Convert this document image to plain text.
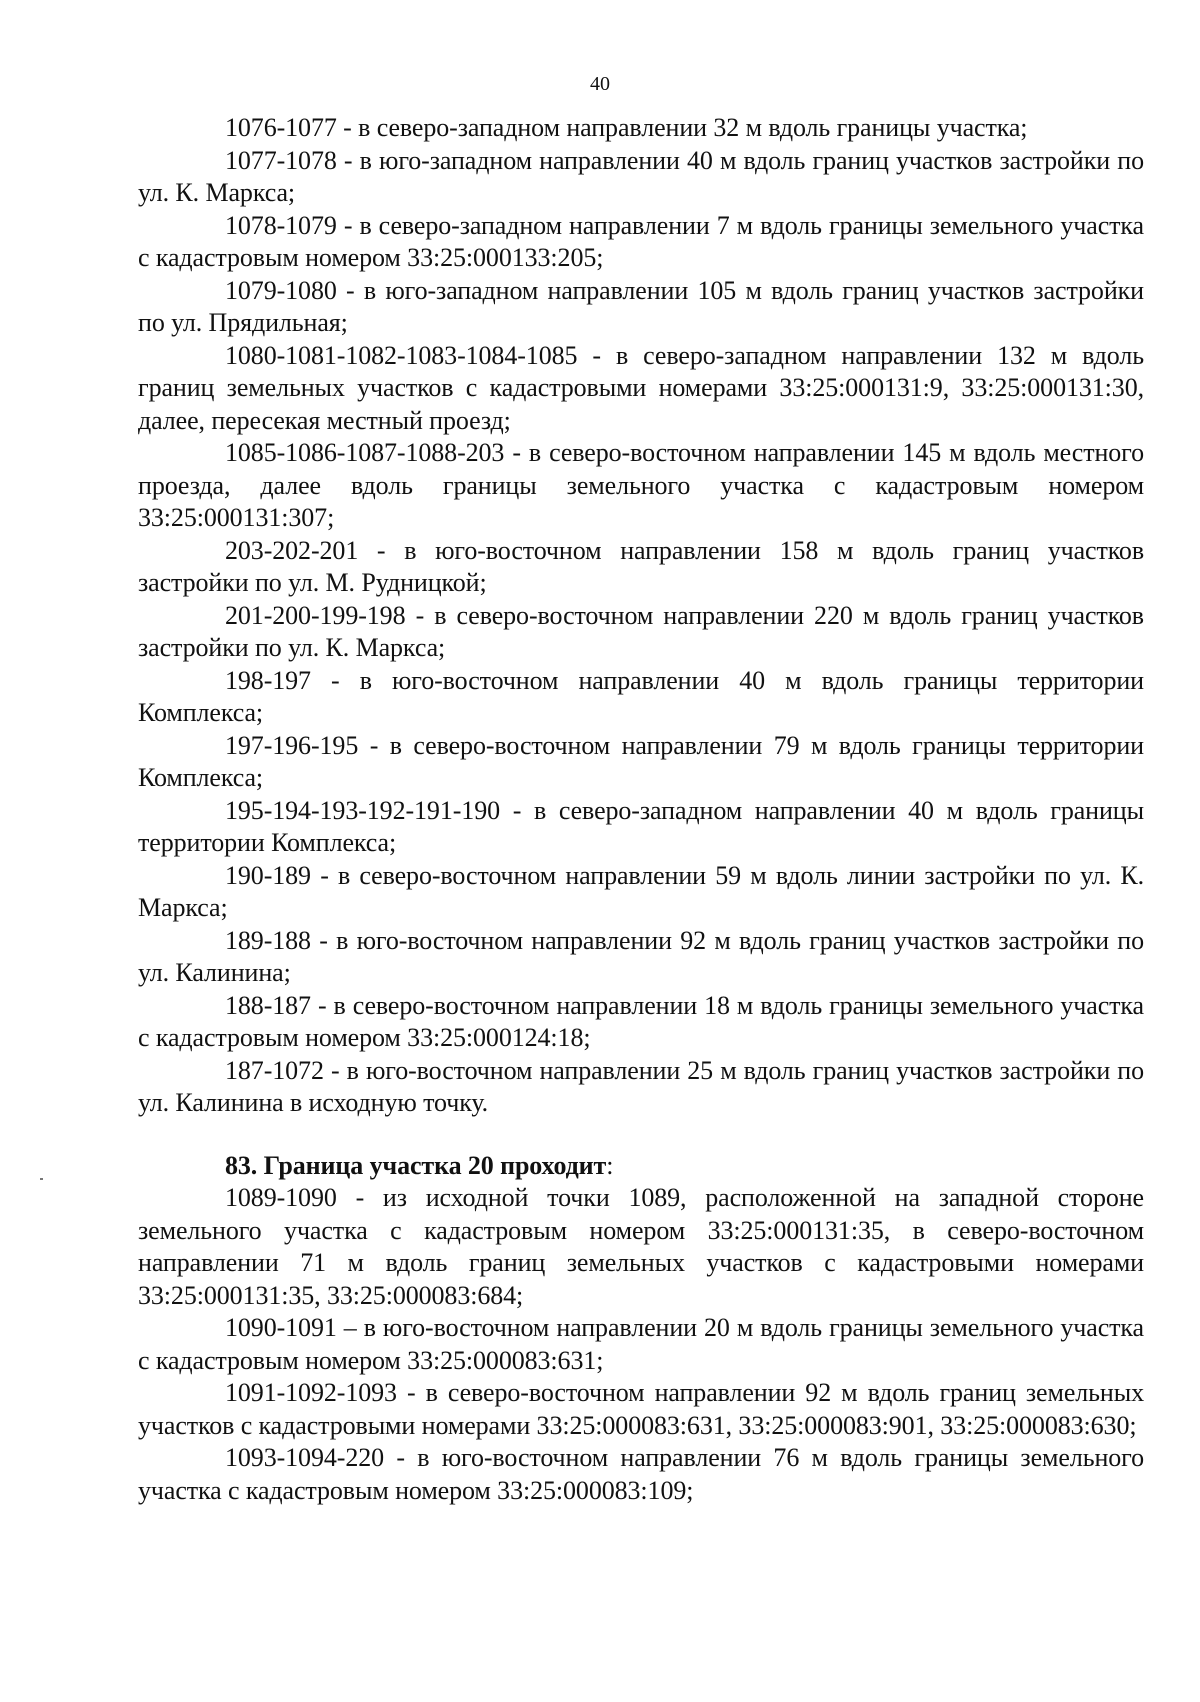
40

1076-1077 - в северо-западном направлении 32 м вдоль границы участка;

1077-1078 - в юго-западном направлении 40 м вдоль границ участков застройки по ул. К. Маркса;

1078-1079 - в северо-западном направлении 7 м вдоль границы земельного участка с кадастровым номером 33:25:000133:205;

1079-1080 - в юго-западном направлении 105 м вдоль границ участков застройки по ул. Прядильная;

1080-1081-1082-1083-1084-1085 - в северо-западном направлении 132 м вдоль границ земельных участков с кадастровыми номерами 33:25:000131:9, 33:25:000131:30, далее, пересекая местный проезд;

1085-1086-1087-1088-203 - в северо-восточном направлении 145 м вдоль местного проезда, далее вдоль границы земельного участка с кадастровым номером 33:25:000131:307;

203-202-201 - в юго-восточном направлении 158 м вдоль границ участков застройки по ул. М. Рудницкой;

201-200-199-198 - в северо-восточном направлении 220 м вдоль границ участков застройки по ул. К. Маркса;

198-197 - в юго-восточном направлении 40 м вдоль границы территории Комплекса;

197-196-195 - в северо-восточном направлении 79 м вдоль границы территории Комплекса;

195-194-193-192-191-190 - в северо-западном направлении 40 м вдоль границы территории Комплекса;

190-189 - в северо-восточном направлении 59 м вдоль линии застройки по ул. К. Маркса;

189-188 - в юго-восточном направлении 92 м вдоль границ участков застройки по ул. Калинина;

188-187 - в северо-восточном направлении 18 м вдоль границы земельного участка с кадастровым номером 33:25:000124:18;

187-1072 - в юго-восточном направлении 25 м вдоль границ участков застройки по ул. Калинина в исходную точку.

83. Граница участка 20 проходит:

1089-1090 - из исходной точки 1089, расположенной на западной стороне земельного участка с кадастровым номером 33:25:000131:35, в северо-восточном направлении 71 м вдоль границ земельных участков с кадастровыми номерами 33:25:000131:35, 33:25:000083:684;

1090-1091 – в юго-восточном направлении 20 м вдоль границы земельного участка с кадастровым номером 33:25:000083:631;

1091-1092-1093 - в северо-восточном направлении 92 м вдоль границ земельных участков с кадастровыми номерами 33:25:000083:631, 33:25:000083:901, 33:25:000083:630;

1093-1094-220 - в юго-восточном направлении 76 м вдоль границы земельного участка с кадастровым номером 33:25:000083:109;
